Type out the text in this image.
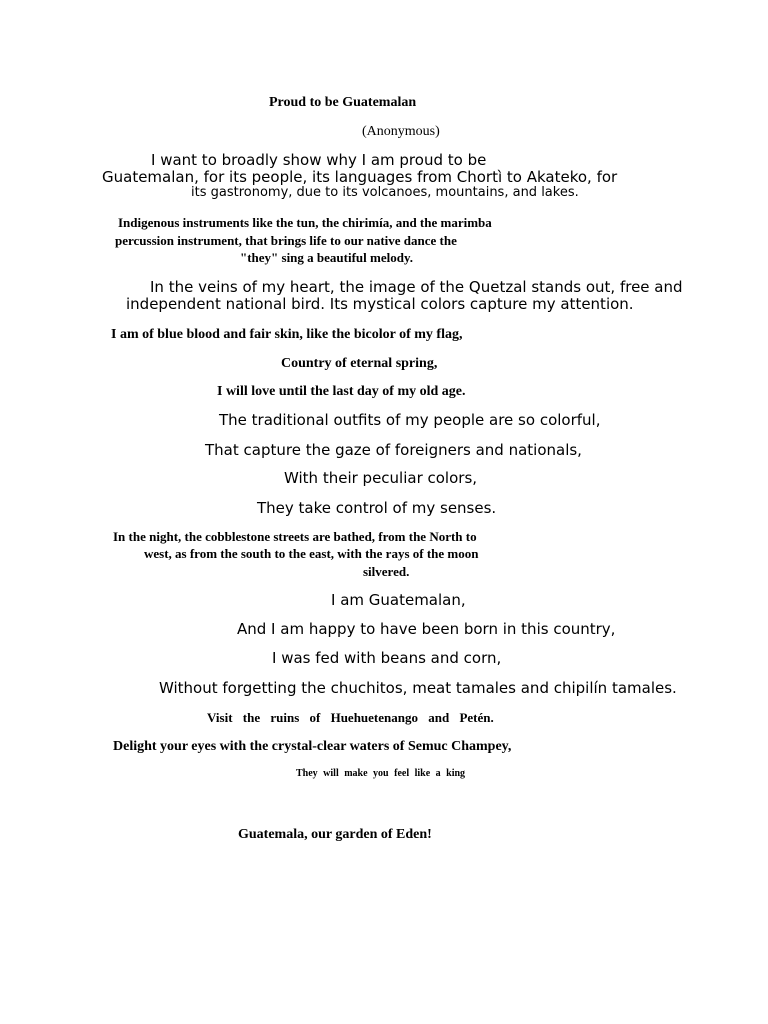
Proud to be Guatemalan

(Anonymous)

I want to broadly show why I am proud to be

Guatemalan, for its people, its languages from Chortì to Akateko, for

its gastronomy, due to its volcanoes, mountains, and lakes.

Indigenous instruments like the tun, the chirimía, and the marimba

percussion instrument, that brings life to our native dance the

"they" sing a beautiful melody.

In the veins of my heart, the image of the Quetzal stands out, free and

independent national bird. Its mystical colors capture my attention.

I am of blue blood and fair skin, like the bicolor of my flag,

Country of eternal spring,

I will love until the last day of my old age.

The traditional outfits of my people are so colorful,

That capture the gaze of foreigners and nationals,

With their peculiar colors,

They take control of my senses.

In the night, the cobblestone streets are bathed, from the North to

west, as from the south to the east, with the rays of the moon

silvered.

I am Guatemalan,

And I am happy to have been born in this country,

I was fed with beans and corn,

Without forgetting the chuchitos, meat tamales and chipilín tamales.

Visit the ruins of Huehuetenango and Petén.

Delight your eyes with the crystal-clear waters of Semuc Champey,

They will make you feel like a king

Guatemala, our garden of Eden!
